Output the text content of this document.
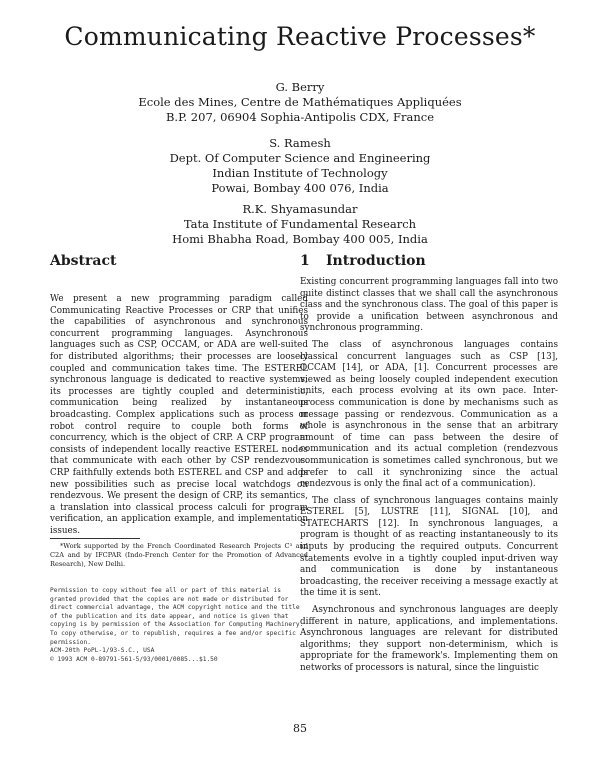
Communicating Reactive Processes*
G. Berry
Ecole des Mines, Centre de Mathématiques Appliquées
B.P. 207, 06904 Sophia-Antipolis CDX, France
S. Ramesh
Dept. Of Computer Science and Engineering
Indian Institute of Technology
Powai, Bombay 400 076, India
R.K. Shyamasundar
Tata Institute of Fundamental Research
Homi Bhabha Road, Bombay 400 005, India
Abstract	1 Introduction

We present a new programming paradigm called Communicating Reactive Processes or CRP that unifies the capabilities of asynchronous and synchronous concurrent programming languages. Asynchronous languages such as CSP, OCCAM, or ADA are well-suited for distributed algorithms; their processes are loosely coupled and communication takes time. The ESTEREL synchronous language is dedicated to reactive systems; its processes are tightly coupled and deterministic, communication being realized by instantaneous broadcasting. Complex applications such as process or robot control require to couple both forms of concurrency, which is the object of CRP. A CRP program consists of independent locally reactive ESTEREL nodes that communicate with each other by CSP rendezvous. CRP faithfully extends both ESTEREL and CSP and adds new possibilities such as precise local watchdogs on rendezvous. We present the design of CRP, its semantics, a translation into classical process calculi for program verification, an application example, and implementation issues.

*Work supported by the French Coordinated Research Projects C³ and C2A and by IFCPAR (Indo-French Center for the Promotion of Advanced Research), New Delhi.

Permission to copy without fee all or part of this material is granted provided that the copies are not made or distributed for direct commercial advantage, the ACM copyright notice and the title of the publication and its date appear, and notice is given that copying is by permission of the Association for Computing Machinery. To copy otherwise, or to republish, requires a fee and/or specific permission.
ACM-20th PoPL-1/93-S.C., USA
© 1993 ACM 0-89791-561-5/93/0001/0085...$1.50

Existing concurrent programming languages fall into two quite distinct classes that we shall call the asynchronous class and the synchronous class. The goal of this paper is to provide a unification between asynchronous and synchronous programming.

The class of asynchronous languages contains classical concurrent languages such as CSP [13], OCCAM [14], or ADA, [1]. Concurrent processes are viewed as being loosely coupled independent execution units, each process evolving at its own pace. Inter-process communication is done by mechanisms such as message passing or rendezvous. Communication as a whole is asynchronous in the sense that an arbitrary amount of time can pass between the desire of communication and its actual completion (rendezvous communication is sometimes called synchronous, but we prefer to call it synchronizing since the actual rendezvous is only the final act of a communication).

The class of synchronous languages contains mainly ESTEREL [5], LUSTRE [11], SIGNAL [10], and STATECHARTS [12]. In synchronous languages, a program is thought of as reacting instantaneously to its inputs by producing the required outputs. Concurrent statements evolve in a tightly coupled input-driven way and communication is done by instantaneous broadcasting, the receiver receiving a message exactly at the time it is sent.

Asynchronous and synchronous languages are deeply different in nature, applications, and implementations. Asynchronous languages are relevant for distributed algorithms; they support non-determinism, which is appropriate for the framework's. Implementing them on networks of processors is natural, since the linguistic

85
